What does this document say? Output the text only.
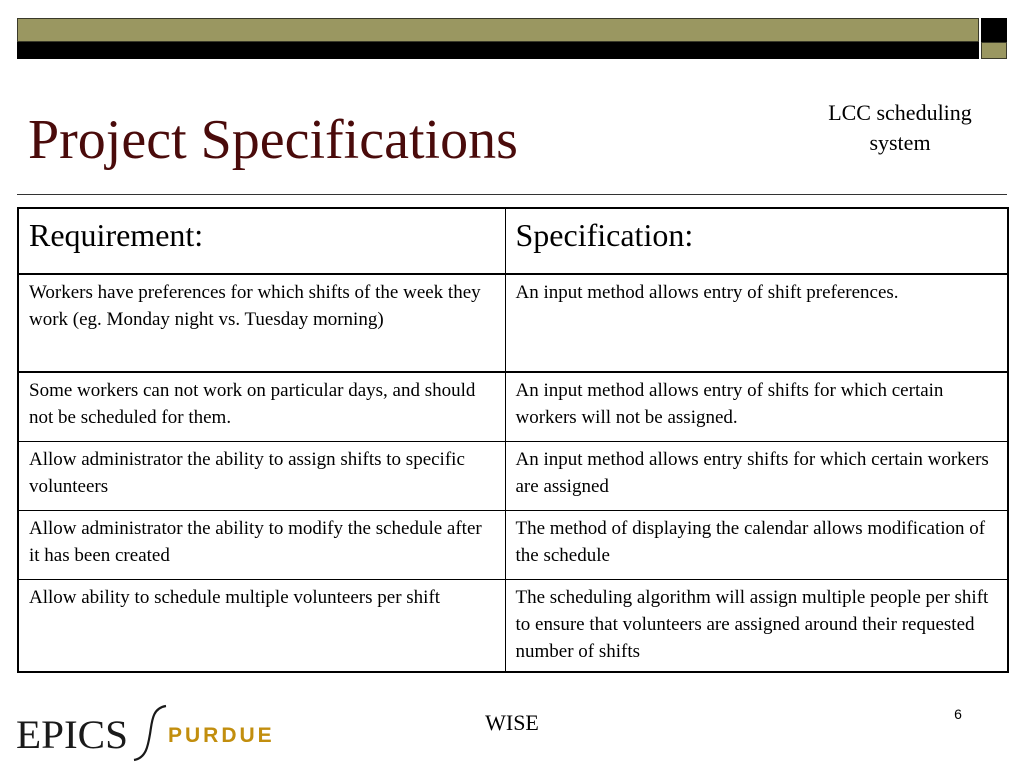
Project Specifications	LCC scheduling
system
Requirement:	Specification:
Workers have preferences for which shifts of the week they work (eg. Monday night vs. Tuesday morning)	An input method allows entry of shift preferences.
Some workers can not work on particular days, and should not be scheduled for them.	An input method allows entry of shifts for which certain workers will not be assigned.
Allow administrator the ability to assign shifts to specific volunteers	An input method allows entry shifts for which certain workers are assigned
Allow administrator the ability to modify the schedule after it has been created	The method of displaying the calendar allows modification of the schedule
Allow ability to schedule multiple volunteers per shift	The scheduling algorithm will assign multiple people per shift to ensure that volunteers are assigned around their requested number of shifts
EPICS PURDUE
WISE	6
